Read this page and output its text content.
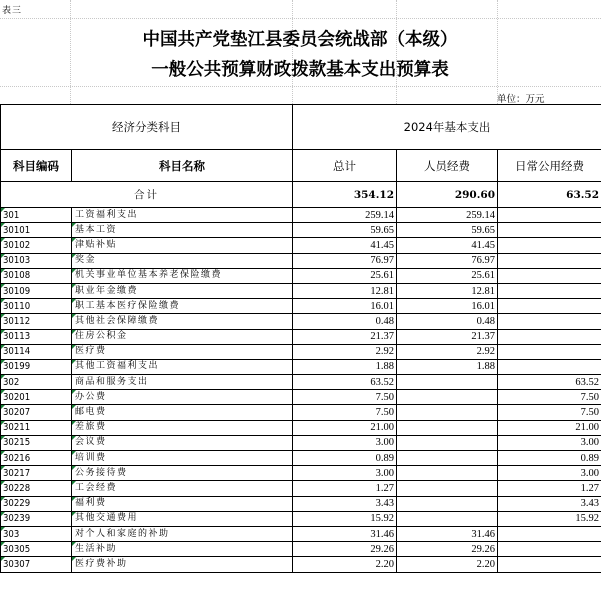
表三
中国共产党垫江县委员会统战部（本级）
一般公共预算财政拨款基本支出预算表
单位：万元
经济分类科目		2024年基本支出		
科目编码	科目名称	总计	人员经费	日常公用经费
合计		354.12	290.60	63.52

301	工资福利支出	259.14	259.14	

30101	基本工资	59.65	59.65	

30102	津贴补贴	41.45	41.45	

30103	奖金	76.97	76.97	

30108	机关事业单位基本养老保险缴费	25.61	25.61	

30109	职业年金缴费	12.81	12.81	

30110	职工基本医疗保险缴费	16.01	16.01	

30112	其他社会保障缴费	0.48	0.48	

30113	住房公积金	21.37	21.37	

30114	医疗费	2.92	2.92	

30199	其他工资福利支出	1.88	1.88	

302	商品和服务支出	63.52		63.52

30201	办公费	7.50		7.50

30207	邮电费	7.50		7.50

30211	差旅费	21.00		21.00

30215	会议费	3.00		3.00

30216	培训费	0.89		0.89

30217	公务接待费	3.00		3.00

30228	工会经费	1.27		1.27

30229	福利费	3.43		3.43

30239	其他交通费用	15.92		15.92

303	对个人和家庭的补助	31.46	31.46	

30305	生活补助	29.26	29.26	

30307	医疗费补助	2.20	2.20	
